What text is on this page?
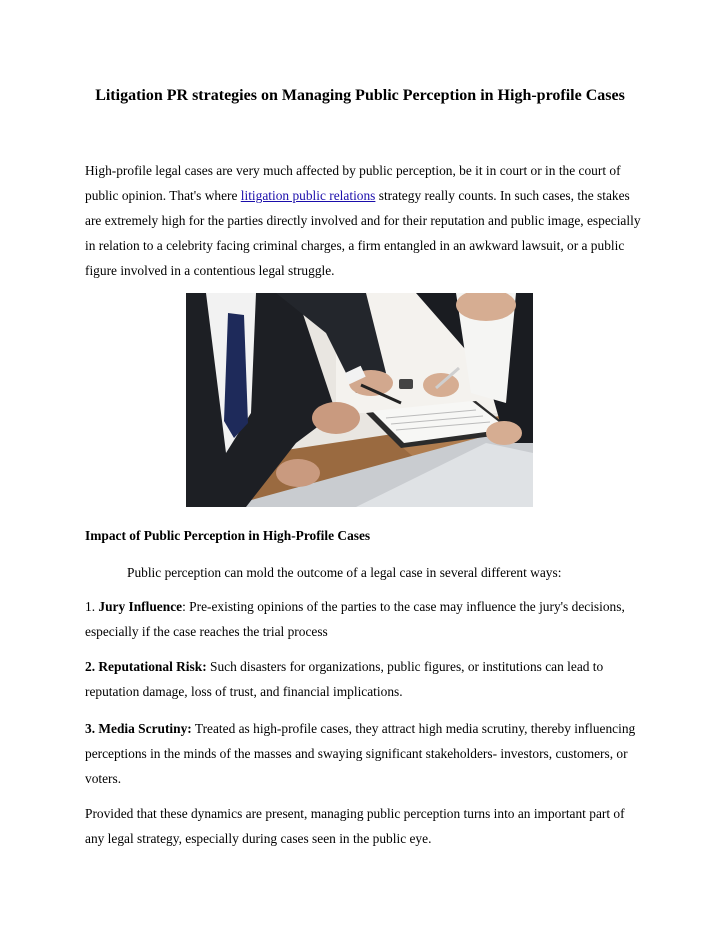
Litigation PR strategies on Managing Public Perception in High-profile Cases

High-profile legal cases are very much affected by public perception, be it in court or in the court of public opinion. That's where litigation public relations strategy really counts. In such cases, the stakes are extremely high for the parties directly involved and for their reputation and public image, especially in relation to a celebrity facing criminal charges, a firm entangled in an awkward lawsuit, or a public figure involved in a contentious legal struggle.

Impact of Public Perception in High-Profile Cases

Public perception can mold the outcome of a legal case in several different ways:

1. Jury Influence: Pre-existing opinions of the parties to the case may influence the jury's decisions, especially if the case reaches the trial process

2. Reputational Risk: Such disasters for organizations, public figures, or institutions can lead to reputation damage, loss of trust, and financial implications.

3. Media Scrutiny: Treated as high-profile cases, they attract high media scrutiny, thereby influencing perceptions in the minds of the masses and swaying significant stakeholders- investors, customers, or voters.

Provided that these dynamics are present, managing public perception turns into an important part of any legal strategy, especially during cases seen in the public eye.
